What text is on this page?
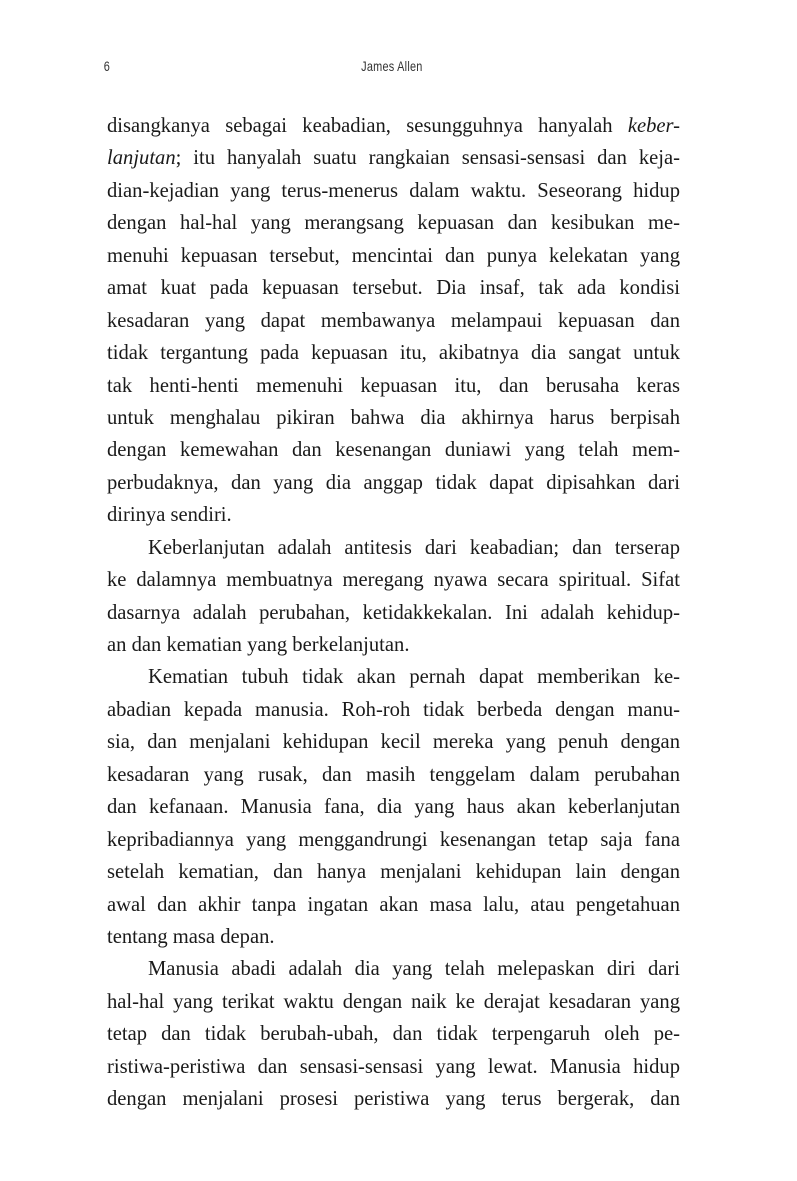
6	James Allen
disangkanya sebagai keabadian, sesungguhnya hanyalah keber-
lanjutan; itu hanyalah suatu rangkaian sensasi-sensasi dan keja-
dian-kejadian yang terus-menerus dalam waktu. Seseorang hidup
dengan hal-hal yang merangsang kepuasan dan kesibukan me-
menuhi kepuasan tersebut, mencintai dan punya kelekatan yang
amat kuat pada kepuasan tersebut. Dia insaf, tak ada kondisi
kesadaran yang dapat membawanya melampaui kepuasan dan
tidak tergantung pada kepuasan itu, akibatnya dia sangat untuk
tak henti-henti memenuhi kepuasan itu, dan berusaha keras
untuk menghalau pikiran bahwa dia akhirnya harus berpisah
dengan kemewahan dan kesenangan duniawi yang telah mem-
perbudaknya, dan yang dia anggap tidak dapat dipisahkan dari
dirinya sendiri.
Keberlanjutan adalah antitesis dari keabadian; dan terserap
ke dalamnya membuatnya meregang nyawa secara spiritual. Sifat
dasarnya adalah perubahan, ketidakkekalan. Ini adalah kehidup-
an dan kematian yang berkelanjutan.
Kematian tubuh tidak akan pernah dapat memberikan ke-
abadian kepada manusia. Roh-roh tidak berbeda dengan manu-
sia, dan menjalani kehidupan kecil mereka yang penuh dengan
kesadaran yang rusak, dan masih tenggelam dalam perubahan
dan kefanaan. Manusia fana, dia yang haus akan keberlanjutan
kepribadiannya yang menggandrungi kesenangan tetap saja fana
setelah kematian, dan hanya menjalani kehidupan lain dengan
awal dan akhir tanpa ingatan akan masa lalu, atau pengetahuan
tentang masa depan.
Manusia abadi adalah dia yang telah melepaskan diri dari
hal-hal yang terikat waktu dengan naik ke derajat kesadaran yang
tetap dan tidak berubah-ubah, dan tidak terpengaruh oleh pe-
ristiwa-peristiwa dan sensasi-sensasi yang lewat. Manusia hidup
dengan menjalani prosesi peristiwa yang terus bergerak, dan
